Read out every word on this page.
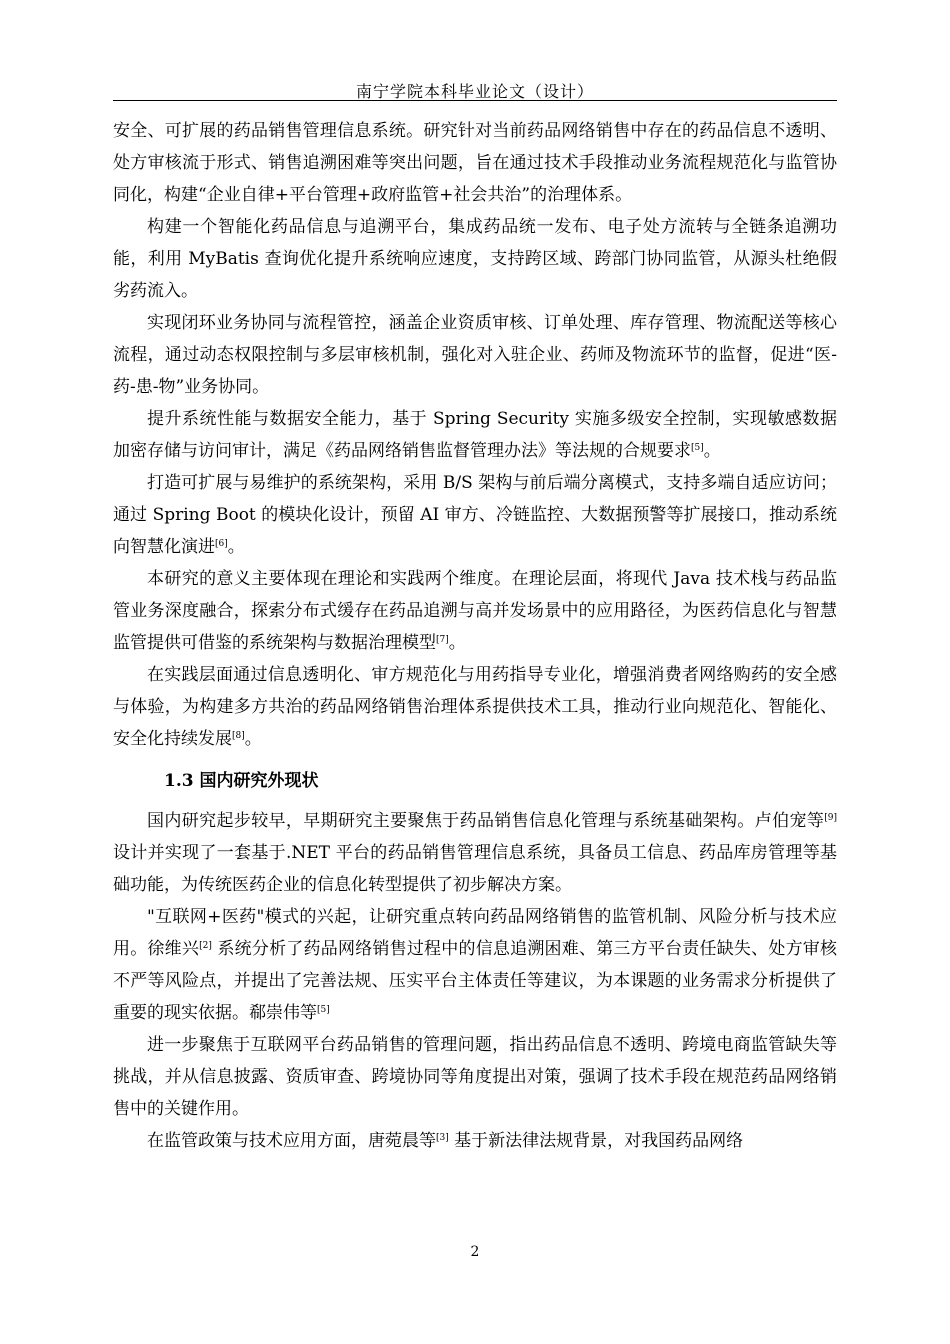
南宁学院本科毕业论文（设计）

安全、可扩展的药品销售管理信息系统。研究针对当前药品网络销售中存在的药品信息不透明、处方审核流于形式、销售追溯困难等突出问题，旨在通过技术手段推动业务流程规范化与监管协同化，构建“企业自律+平台管理+政府监管+社会共治”的治理体系。

构建一个智能化药品信息与追溯平台，集成药品统一发布、电子处方流转与全链条追溯功能，利用 MyBatis 查询优化提升系统响应速度，支持跨区域、跨部门协同监管，从源头杜绝假劣药流入。

实现闭环业务协同与流程管控，涵盖企业资质审核、订单处理、库存管理、物流配送等核心流程，通过动态权限控制与多层审核机制，强化对入驻企业、药师及物流环节的监督，促进“医-药-患-物”业务协同。

提升系统性能与数据安全能力，基于 Spring Security 实施多级安全控制，实现敏感数据加密存储与访问审计，满足《药品网络销售监督管理办法》等法规的合规要求[5]。

打造可扩展与易维护的系统架构，采用 B/S 架构与前后端分离模式，支持多端自适应访问；通过 Spring Boot 的模块化设计，预留 AI 审方、冷链监控、大数据预警等扩展接口，推动系统向智慧化演进[6]。

本研究的意义主要体现在理论和实践两个维度。在理论层面，将现代 Java 技术栈与药品监管业务深度融合，探索分布式缓存在药品追溯与高并发场景中的应用路径，为医药信息化与智慧监管提供可借鉴的系统架构与数据治理模型[7]。

在实践层面通过信息透明化、审方规范化与用药指导专业化，增强消费者网络购药的安全感与体验，为构建多方共治的药品网络销售治理体系提供技术工具，推动行业向规范化、智能化、安全化持续发展[8]。

1.3 国内研究外现状

国内研究起步较早，早期研究主要聚焦于药品销售信息化管理与系统基础架构。卢伯宠等[9] 设计并实现了一套基于.NET 平台的药品销售管理信息系统，具备员工信息、药品库房管理等基础功能，为传统医药企业的信息化转型提供了初步解决方案。

"互联网+医药"模式的兴起，让研究重点转向药品网络销售的监管机制、风险分析与技术应用。徐维兴[2] 系统分析了药品网络销售过程中的信息追溯困难、第三方平台责任缺失、处方审核不严等风险点，并提出了完善法规、压实平台主体责任等建议，为本课题的业务需求分析提供了重要的现实依据。郗崇伟等[5]

进一步聚焦于互联网平台药品销售的管理问题，指出药品信息不透明、跨境电商监管缺失等挑战，并从信息披露、资质审查、跨境协同等角度提出对策，强调了技术手段在规范药品网络销售中的关键作用。

在监管政策与技术应用方面，唐菀晨等[3] 基于新法律法规背景，对我国药品网络

2
